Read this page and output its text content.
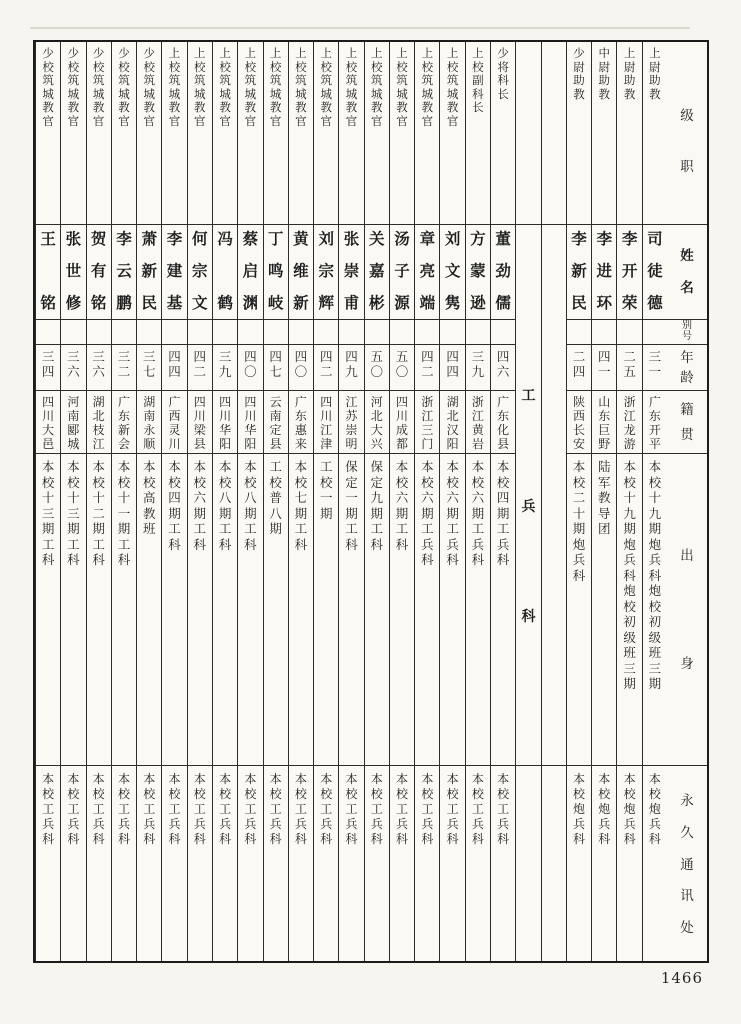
级
职
姓
名
别
号
年
龄
籍
贯
出
身
永
久
通
讯
处
上
尉
助
教
司
徒
德
三
一
广
东
开
平
本
校
十
九
期
炮
兵
科
炮
校
初
级
班
三
期
本
校
炮
兵
科
上
尉
助
教
李
开
荣
二
五
浙
江
龙
游
本
校
十
九
期
炮
兵
科
炮
校
初
级
班
三
期
本
校
炮
兵
科
中
尉
助
教
李
进
环
四
一
山
东
巨
野
陆
军
教
导
团
本
校
炮
兵
科
少
尉
助
教
李
新
民
二
四
陕
西
长
安
本
校
二
十
期
炮
兵
科
本
校
炮
兵
科
工
兵
科
少
将
科
长
董
劲
儒
四
六
广
东
化
县
本
校
四
期
工
兵
科
本
校
工
兵
科
上
校
副
科
长
方
蒙
逊
三
九
浙
江
黄
岩
本
校
六
期
工
兵
科
本
校
工
兵
科
上
校
筑
城
教
官
刘
文
隽
四
四
湖
北
汉
阳
本
校
六
期
工
兵
科
本
校
工
兵
科
上
校
筑
城
教
官
章
亮
端
四
二
浙
江
三
门
本
校
六
期
工
兵
科
本
校
工
兵
科
上
校
筑
城
教
官
汤
子
源
五
〇
四
川
成
都
本
校
六
期
工
科
本
校
工
兵
科
上
校
筑
城
教
官
关
嘉
彬
五
〇
河
北
大
兴
保
定
九
期
工
科
本
校
工
兵
科
上
校
筑
城
教
官
张
崇
甫
四
九
江
苏
崇
明
保
定
一
期
工
科
本
校
工
兵
科
上
校
筑
城
教
官
刘
宗
辉
四
二
四
川
江
津
工
校
一
期
本
校
工
兵
科
上
校
筑
城
教
官
黄
维
新
四
〇
广
东
惠
来
本
校
七
期
工
科
本
校
工
兵
科
上
校
筑
城
教
官
丁
鸣
岐
四
七
云
南
定
县
工
校
普
八
期
本
校
工
兵
科
上
校
筑
城
教
官
蔡
启
渊
四
〇
四
川
华
阳
本
校
八
期
工
科
本
校
工
兵
科
上
校
筑
城
教
官
冯
鹤
三
九
四
川
华
阳
本
校
八
期
工
科
本
校
工
兵
科
上
校
筑
城
教
官
何
宗
文
四
二
四
川
梁
县
本
校
六
期
工
科
本
校
工
兵
科
上
校
筑
城
教
官
李
建
基
四
四
广
西
灵
川
本
校
四
期
工
科
本
校
工
兵
科
少
校
筑
城
教
官
萧
新
民
三
七
湖
南
永
顺
本
校
高
教
班
本
校
工
兵
科
少
校
筑
城
教
官
李
云
鹏
三
二
广
东
新
会
本
校
十
一
期
工
科
本
校
工
兵
科
少
校
筑
城
教
官
贺
有
铭
三
六
湖
北
枝
江
本
校
十
二
期
工
科
本
校
工
兵
科
少
校
筑
城
教
官
张
世
修
三
六
河
南
郾
城
本
校
十
三
期
工
科
本
校
工
兵
科
少
校
筑
城
教
官
王
铭
三
四
四
川
大
邑
本
校
十
三
期
工
科
本
校
工
兵
科
1466
